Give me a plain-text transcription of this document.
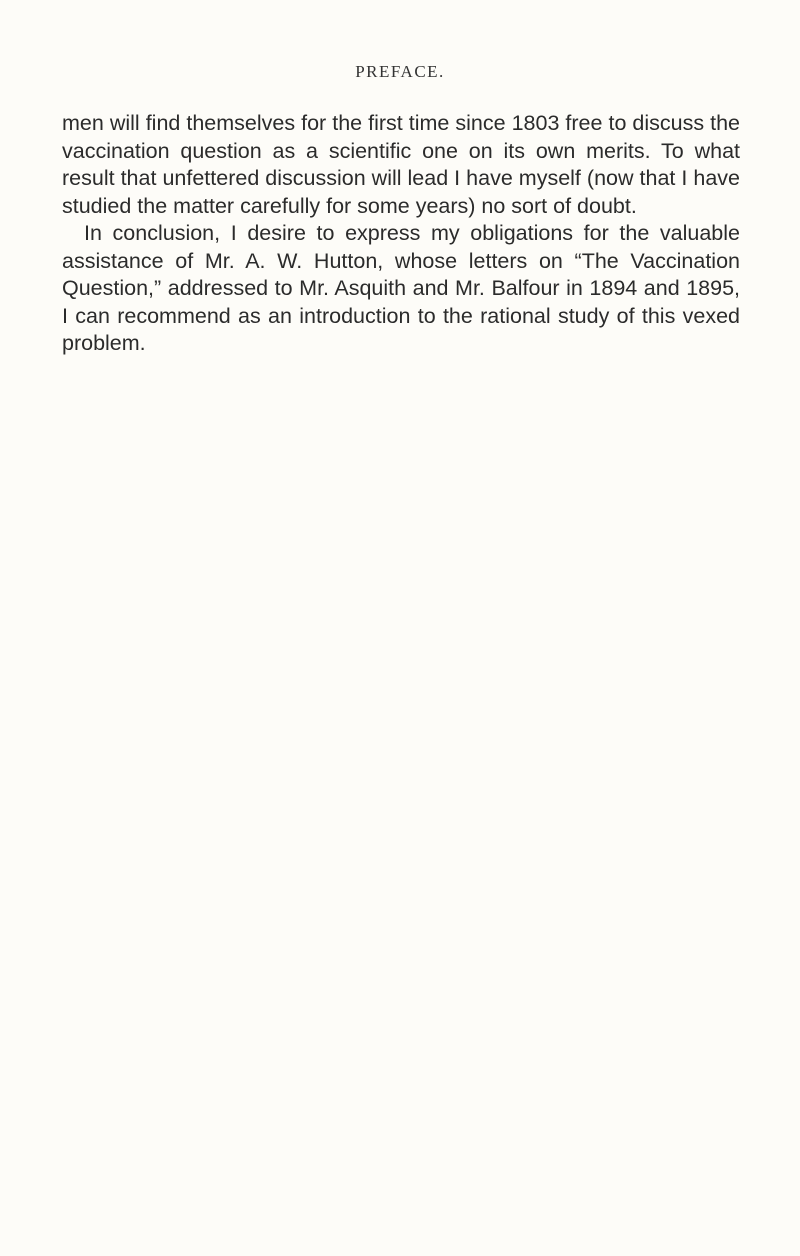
PREFACE.

men will find themselves for the first time since 1803 free to discuss the vaccination question as a scientific one on its own merits. To what result that unfettered discussion will lead I have myself (now that I have studied the matter carefully for some years) no sort of doubt.

In conclusion, I desire to express my obligations for the valuable assistance of Mr. A. W. Hutton, whose letters on “The Vaccination Question,” addressed to Mr. Asquith and Mr. Balfour in 1894 and 1895, I can recommend as an introduction to the rational study of this vexed problem.
